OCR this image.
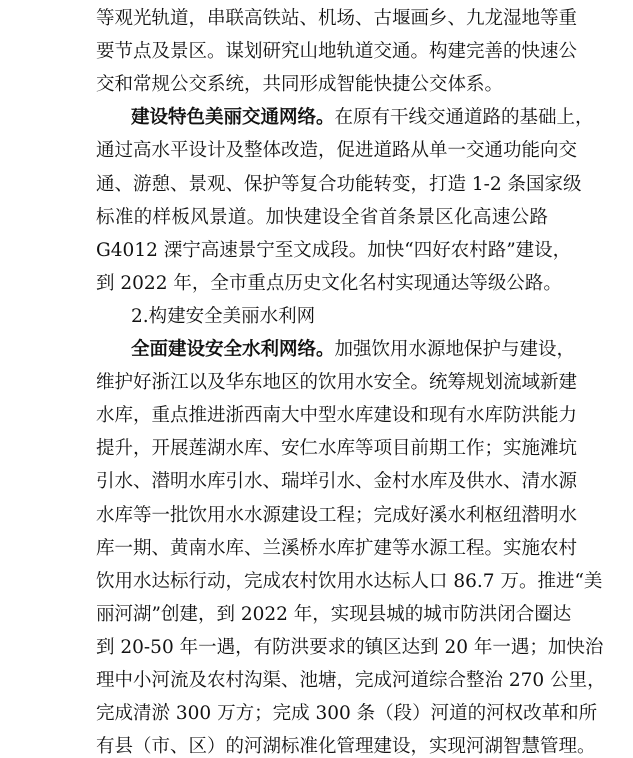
等观光轨道，串联高铁站、机场、古堰画乡、九龙湿地等重
要节点及景区。谋划研究山地轨道交通。构建完善的快速公
交和常规公交系统，共同形成智能快捷公交体系。
建设特色美丽交通网络。在原有干线交通道路的基础上，
通过高水平设计及整体改造，促进道路从单一交通功能向交
通、游憩、景观、保护等复合功能转变，打造 1-2 条国家级
标准的样板风景道。加快建设全省首条景区化高速公路
G4012 溧宁高速景宁至文成段。加快“四好农村路”建设，
到 2022 年，全市重点历史文化名村实现通达等级公路。
2.构建安全美丽水利网
全面建设安全水利网络。加强饮用水源地保护与建设，
维护好浙江以及华东地区的饮用水安全。统筹规划流域新建
水库，重点推进浙西南大中型水库建设和现有水库防洪能力
提升，开展莲湖水库、安仁水库等项目前期工作；实施滩坑
引水、潜明水库引水、瑞垟引水、金村水库及供水、清水源
水库等一批饮用水水源建设工程；完成好溪水利枢纽潜明水
库一期、黄南水库、兰溪桥水库扩建等水源工程。实施农村
饮用水达标行动，完成农村饮用水达标人口 86.7 万。推进“美
丽河湖”创建，到 2022 年，实现县城的城市防洪闭合圈达
到 20-50 年一遇，有防洪要求的镇区达到 20 年一遇；加快治
理中小河流及农村沟渠、池塘，完成河道综合整治 270 公里，
完成清淤 300 万方；完成 300 条（段）河道的河权改革和所
有县（市、区）的河湖标准化管理建设，实现河湖智慧管理。
